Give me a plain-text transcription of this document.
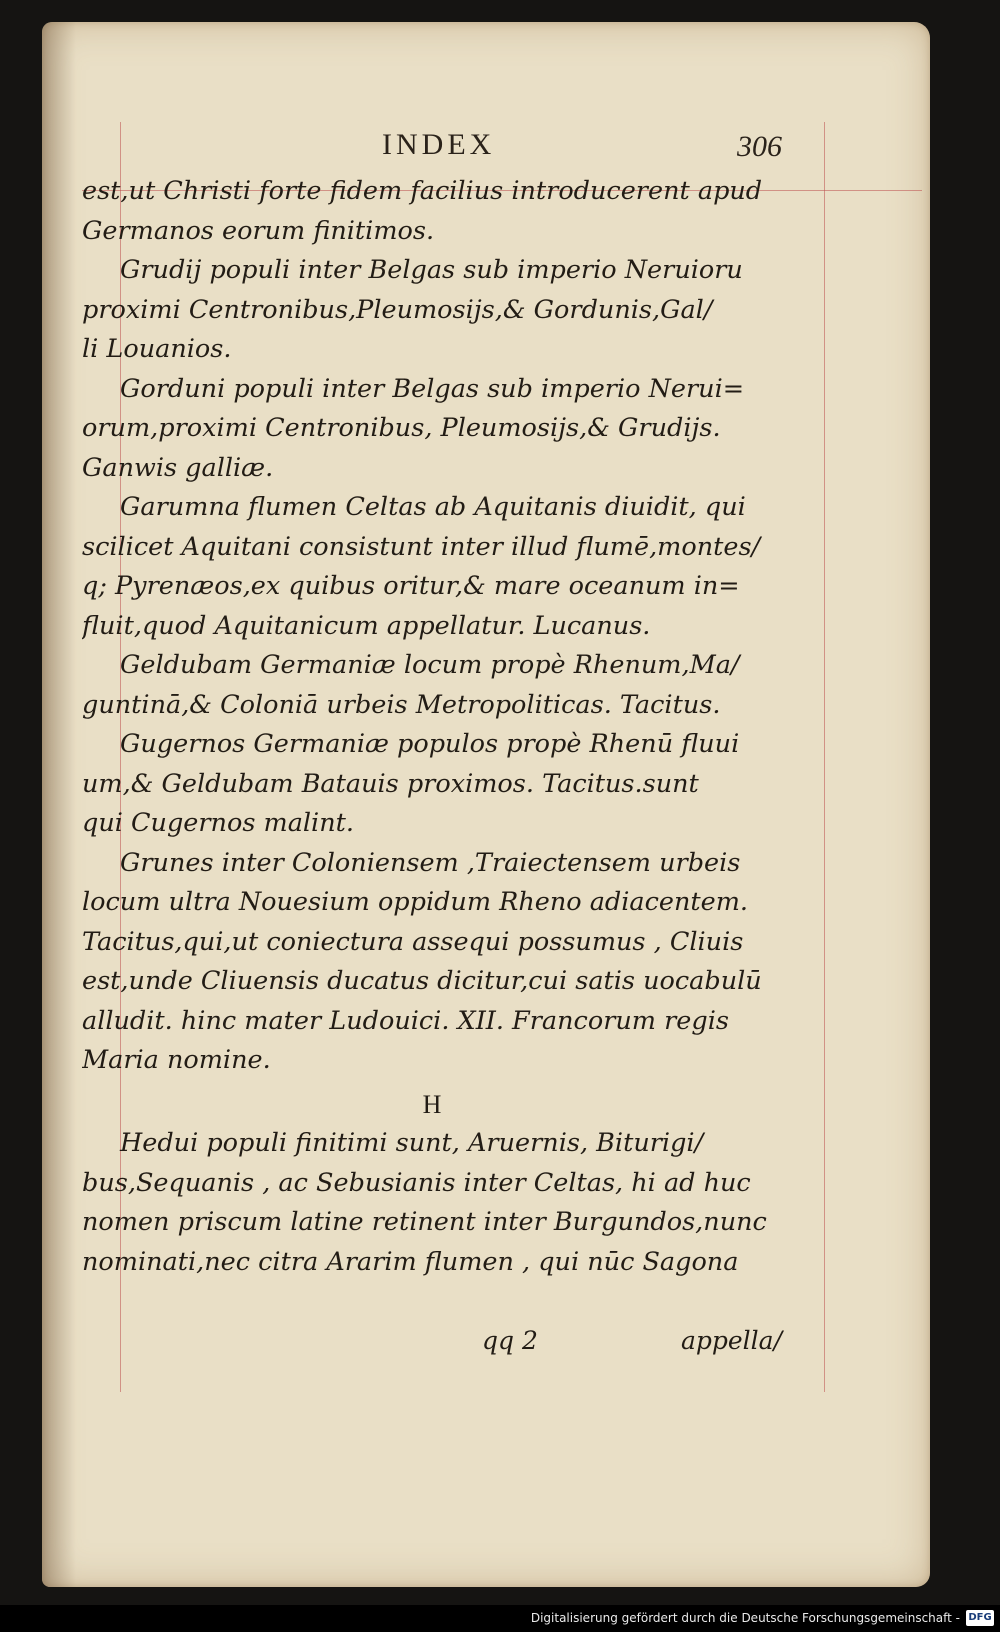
INDEX	306
est,ut Christi forte fidem facilius introducerent apud
Germanos eorum finitimos.
Grudij populi inter Belgas sub imperio Neruioru
proximi Centronibus,Pleumosijs,& Gordunis,Gal/
li Louanios.
Gorduni populi inter Belgas sub imperio Nerui=
orum,proximi Centronibus, Pleumosijs,& Grudijs.
Ganwis galliæ.
Garumna flumen Celtas ab Aquitanis diuidit, qui
scilicet Aquitani consistunt inter illud flumē,montes/
q; Pyrenæos,ex quibus oritur,& mare oceanum in=
fluit,quod Aquitanicum appellatur. Lucanus.
Geldubam Germaniæ locum propè Rhenum,Ma/
guntinā,& Coloniā urbeis Metropoliticas. Tacitus.
Gugernos Germaniæ populos propè Rhenū fluui
um,& Geldubam Batauis proximos. Tacitus.sunt
qui Cugernos malint.
Grunes inter Coloniensem ,Traiectensem urbeis
locum ultra Nouesium oppidum Rheno adiacentem.
Tacitus,qui,ut coniectura assequi possumus , Cliuis
est,unde Cliuensis ducatus dicitur,cui satis uocabulū
alludit. hinc mater Ludouici. XII. Francorum regis
Maria nomine.
H
Hedui populi finitimi sunt, Aruernis, Biturigi/
bus,Sequanis , ac Sebusianis inter Celtas, hi ad huc
nomen priscum latine retinent inter Burgundos,nunc
nominati,nec citra Ararim flumen , qui nūc Sagona
qq 2	appella/
Digitalisierung gefördert durch die Deutsche Forschungsgemeinschaft - DFG
